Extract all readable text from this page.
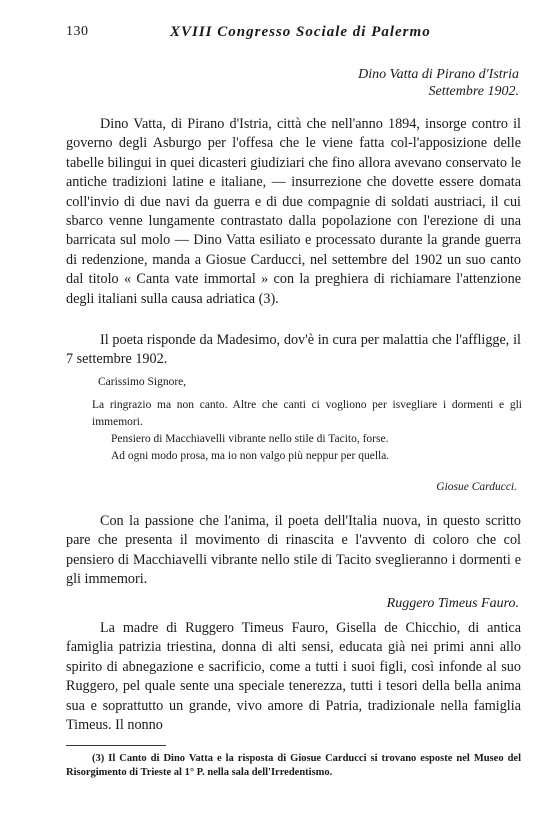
130	XVIII Congresso Sociale di Palermo
Dino Vatta di Pirano d'Istria
Settembre 1902.

Dino Vatta, di Pirano d'Istria, città che nell'anno 1894, insorge contro il governo degli Asburgo per l'offesa che le viene fatta col-l'apposizione delle tabelle bilingui in quei dicasteri giudiziari che fino allora avevano conservato le antiche tradizioni latine e italiane, — insurrezione che dovette essere domata coll'invio di due navi da guerra e di due compagnie di soldati austriaci, il cui sbarco venne lungamente contrastato dalla popolazione con l'erezione di una barricata sul molo — Dino Vatta esiliato e processato durante la grande guerra di redenzione, manda a Giosue Carducci, nel settembre del 1902 un suo canto dal titolo « Canta vate immortal » con la preghiera di richiamare l'attenzione degli italiani sulla causa adriatica (3).

Il poeta risponde da Madesimo, dov'è in cura per malattia che l'affligge, il 7 settembre 1902.

Carissimo Signore,

La ringrazio ma non canto. Altre che canti ci vogliono per isvegliare i dormenti e gli immemori.

Pensiero di Macchiavelli vibrante nello stile di Tacito, forse.

Ad ogni modo prosa, ma io non valgo più neppur per quella.

Giosue Carducci.

Con la passione che l'anima, il poeta dell'Italia nuova, in questo scritto pare che presenta il movimento di rinascita e l'avvento di coloro che col pensiero di Macchiavelli vibrante nello stile di Tacito sveglieranno i dormenti e gli immemori.

Ruggero Timeus Fauro.

La madre di Ruggero Timeus Fauro, Gisella de Chicchio, di antica famiglia patrizia triestina, donna di alti sensi, educata già nei primi anni allo spirito di abnegazione e sacrificio, come a tutti i suoi figli, così infonde al suo Ruggero, pel quale sente una speciale tenerezza, tutti i tesori della bella anima sua e soprattutto un grande, vivo amore di Patria, tradizionale nella famiglia Timeus. Il nonno

(3) Il Canto di Dino Vatta e la risposta di Giosue Carducci si trovano esposte nel Museo del Risorgimento di Trieste al 1° P. nella sala dell'Irredentismo.
